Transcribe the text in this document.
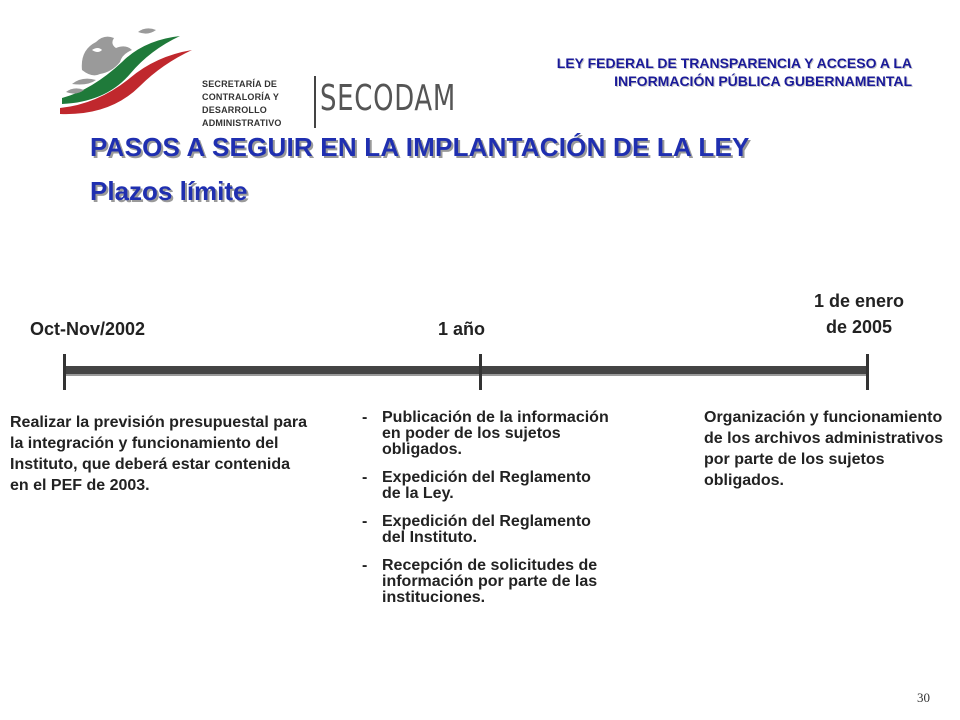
SECRETARÍA DE
CONTRALORÍA Y DESARROLLO
ADMINISTRATIVO
SECODAM
LEY FEDERAL DE TRANSPARENCIA Y ACCESO A LA
INFORMACIÓN PÚBLICA GUBERNAMENTAL
PASOS A SEGUIR EN LA IMPLANTACIÓN DE LA LEY
Plazos límite
Oct-Nov/2002	1 año
1 de enero
de 2005
Realizar la previsión presupuestal para la integración y funcionamiento del Instituto, que deberá estar contenida en el PEF de 2003.
- Publicación de la información en poder de los sujetos obligados.
- Expedición del Reglamento de la Ley.
- Expedición del Reglamento del Instituto.
- Recepción de solicitudes de información por parte de las instituciones.
Organización y funcionamiento de los archivos administrativos por parte de los sujetos obligados.
30
